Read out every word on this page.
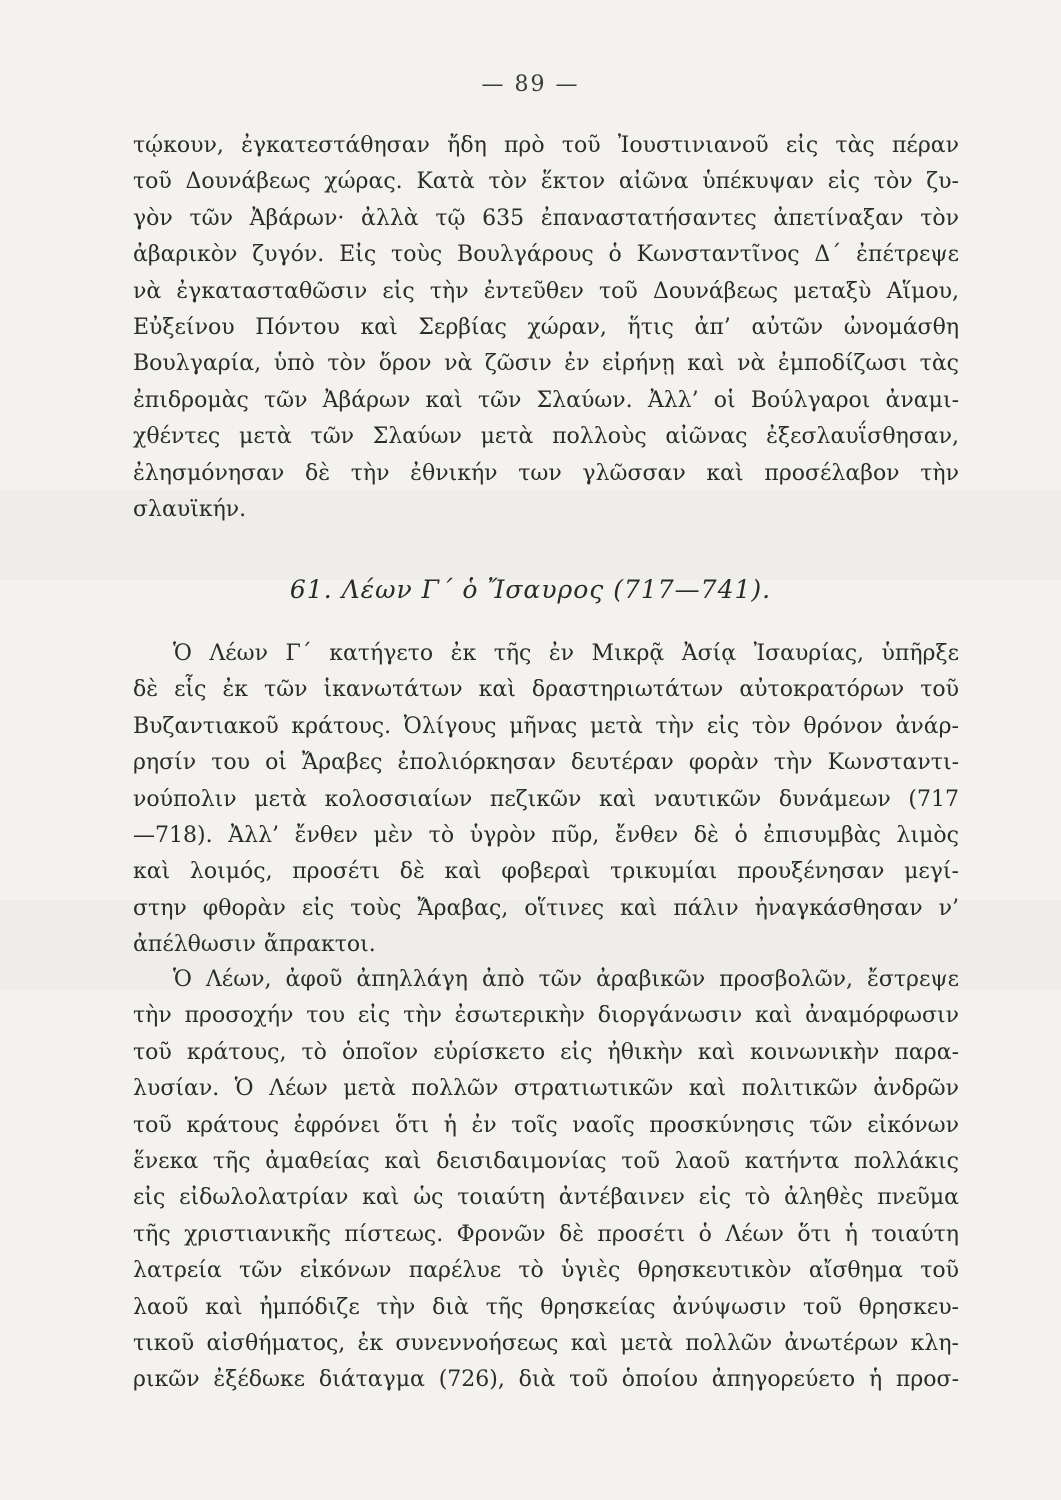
— 89 —
τῴκουν, ἐγκατεστάθησαν ἤδη πρὸ τοῦ Ἰουστινιανοῦ εἰς τὰς πέραν
τοῦ Δουνάβεως χώρας. Κατὰ τὸν ἕκτον αἰῶνα ὑπέκυψαν εἰς τὸν ζυ-
γὸν τῶν Ἀβάρων· ἀλλὰ τῷ 635 ἐπαναστατήσαντες ἀπετίναξαν τὸν
ἀβαρικὸν ζυγόν. Εἰς τοὺς Βουλγάρους ὁ Κωνσταντῖνος Δ΄ ἐπέτρεψε
νὰ ἐγκατασταθῶσιν εἰς τὴν ἐντεῦθεν τοῦ Δουνάβεως μεταξὺ Αἵμου,
Εὐξείνου Πόντου καὶ Σερβίας χώραν, ἥτις ἀπ’ αὐτῶν ὠνομάσθη
Βουλγαρία, ὑπὸ τὸν ὅρον νὰ ζῶσιν ἐν εἰρήνῃ καὶ νὰ ἐμποδίζωσι τὰς
ἐπιδρομὰς τῶν Ἀβάρων καὶ τῶν Σλαύων. Ἀλλ’ οἱ Βούλγαροι ἀναμι-
χθέντες μετὰ τῶν Σλαύων μετὰ πολλοὺς αἰῶνας ἐξεσλαυΐσθησαν,
ἐλησμόνησαν δὲ τὴν ἐθνικήν των γλῶσσαν καὶ προσέλαβον τὴν
σλαυϊκήν.
61. Λέων Γ΄ ὁ Ἴσαυρος (717—741).
Ὁ Λέων Γ΄ κατήγετο ἐκ τῆς ἐν Μικρᾷ Ἀσίᾳ Ἰσαυρίας, ὑπῆρξε
δὲ εἷς ἐκ τῶν ἱκανωτάτων καὶ δραστηριωτάτων αὐτοκρατόρων τοῦ
Βυζαντιακοῦ κράτους. Ὀλίγους μῆνας μετὰ τὴν εἰς τὸν θρόνον ἀνάρ-
ρησίν του οἱ Ἄραβες ἐπολιόρκησαν δευτέραν φορὰν τὴν Κωνσταντι-
νούπολιν μετὰ κολοσσιαίων πεζικῶν καὶ ναυτικῶν δυνάμεων (717
—718). Ἀλλ’ ἔνθεν μὲν τὸ ὑγρὸν πῦρ, ἔνθεν δὲ ὁ ἐπισυμβὰς λιμὸς
καὶ λοιμός, προσέτι δὲ καὶ φοβεραὶ τρικυμίαι προυξένησαν μεγί-
στην φθορὰν εἰς τοὺς Ἄραβας, οἵτινες καὶ πάλιν ἠναγκάσθησαν ν’
ἀπέλθωσιν ἄπρακτοι.
Ὁ Λέων, ἀφοῦ ἀπηλλάγη ἀπὸ τῶν ἀραβικῶν προσβολῶν, ἔστρεψε
τὴν προσοχήν του εἰς τὴν ἐσωτερικὴν διοργάνωσιν καὶ ἀναμόρφωσιν
τοῦ κράτους, τὸ ὁποῖον εὑρίσκετο εἰς ἠθικὴν καὶ κοινωνικὴν παρα-
λυσίαν. Ὁ Λέων μετὰ πολλῶν στρατιωτικῶν καὶ πολιτικῶν ἀνδρῶν
τοῦ κράτους ἐφρόνει ὅτι ἡ ἐν τοῖς ναοῖς προσκύνησις τῶν εἰκόνων
ἕνεκα τῆς ἀμαθείας καὶ δεισιδαιμονίας τοῦ λαοῦ κατήντα πολλάκις
εἰς εἰδωλολατρίαν καὶ ὡς τοιαύτη ἀντέβαινεν εἰς τὸ ἀληθὲς πνεῦμα
τῆς χριστιανικῆς πίστεως. Φρονῶν δὲ προσέτι ὁ Λέων ὅτι ἡ τοιαύτη
λατρεία τῶν εἰκόνων παρέλυε τὸ ὑγιὲς θρησκευτικὸν αἴσθημα τοῦ
λαοῦ καὶ ἠμπόδιζε τὴν διὰ τῆς θρησκείας ἀνύψωσιν τοῦ θρησκευ-
τικοῦ αἰσθήματος, ἐκ συνεννοήσεως καὶ μετὰ πολλῶν ἀνωτέρων κλη-
ρικῶν ἐξέδωκε διάταγμα (726), διὰ τοῦ ὁποίου ἀπηγορεύετο ἡ προσ-
